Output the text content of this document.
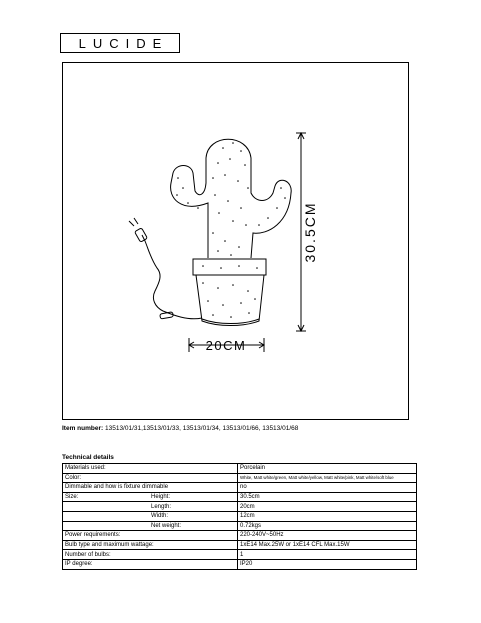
LUCIDE
30.5CM
20CM
Item number: 13513/01/31,13513/01/33, 13513/01/34, 13513/01/66, 13513/01/68
Technical details
Materials used:	Porcelain
Color:	White, Matt white/green, Matt white/yellow, Matt white/pink, Matt white/soft blue
Dimmable and how is fixture dimmable	no
Size: Height:	30.5cm
Length:	20cm
Width:	12cm
Net weight:	0.72kgs
Power requirements:	220-240V~50Hz
Bulb type and maximum wattage:	1xE14 Max.25W or 1xE14 CFL Max.15W
Number of bulbs:	1
IP degree:	IP20
